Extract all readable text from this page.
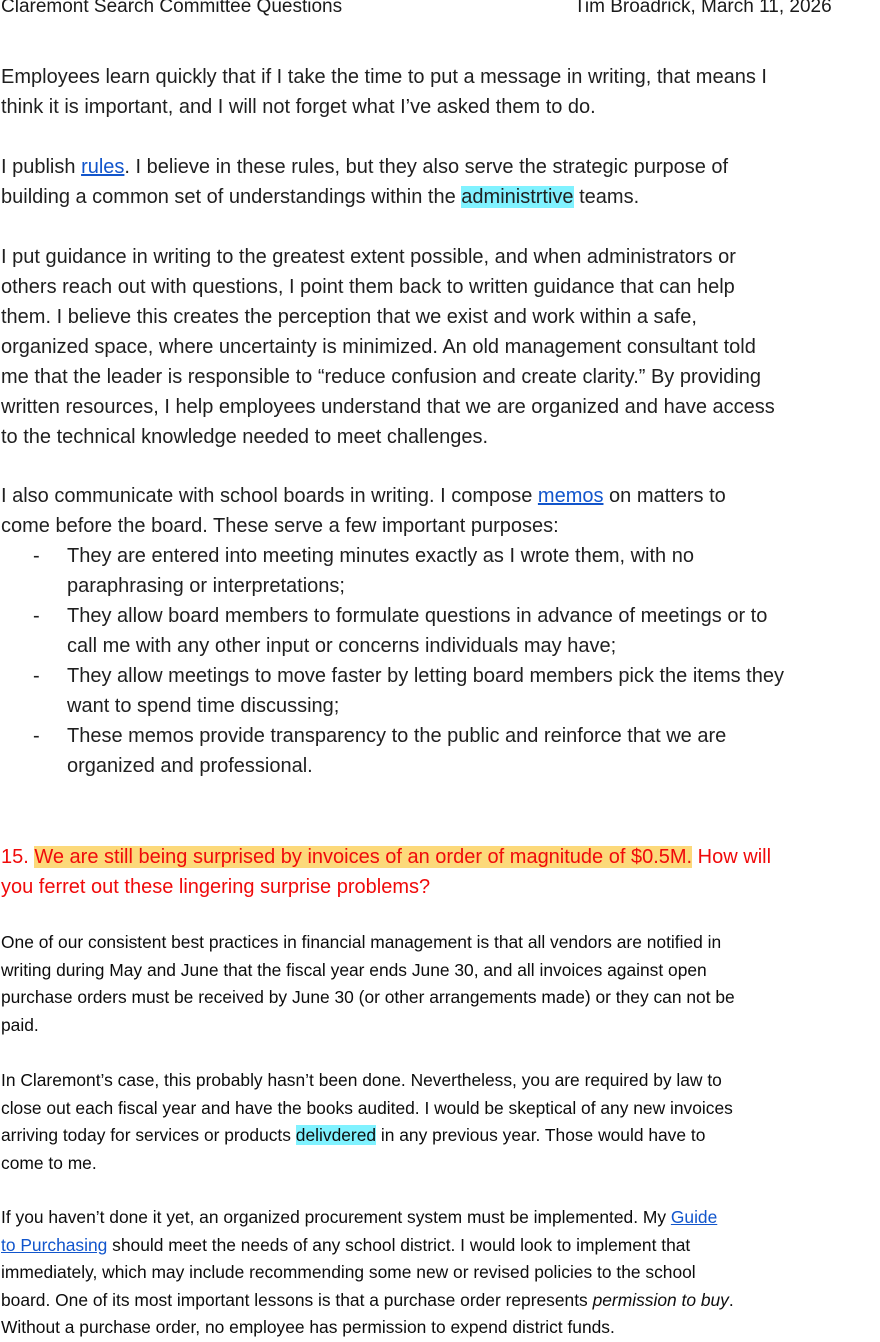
Claremont Search Committee Questions	Tim Broadrick, March 11, 2026
Employees learn quickly that if I take the time to put a message in writing, that means I
think it is important, and I will not forget what I’ve asked them to do.
I publish rules. I believe in these rules, but they also serve the strategic purpose of
building a common set of understandings within the administrtive teams.
I put guidance in writing to the greatest extent possible, and when administrators or
others reach out with questions, I point them back to written guidance that can help
them. I believe this creates the perception that we exist and work within a safe,
organized space, where uncertainty is minimized. An old management consultant told
me that the leader is responsible to “reduce confusion and create clarity.” By providing
written resources, I help employees understand that we are organized and have access
to the technical knowledge needed to meet challenges.
I also communicate with school boards in writing. I compose memos on matters to
come before the board. These serve a few important purposes:
- They are entered into meeting minutes exactly as I wrote them, with no
paraphrasing or interpretations;
- They allow board members to formulate questions in advance of meetings or to
call me with any other input or concerns individuals may have;
- They allow meetings to move faster by letting board members pick the items they
want to spend time discussing;
- These memos provide transparency to the public and reinforce that we are
organized and professional.
15. We are still being surprised by invoices of an order of magnitude of $0.5M. How will
you ferret out these lingering surprise problems?
One of our consistent best practices in financial management is that all vendors are notified in
writing during May and June that the fiscal year ends June 30, and all invoices against open
purchase orders must be received by June 30 (or other arrangements made) or they can not be
paid.
In Claremont’s case, this probably hasn’t been done. Nevertheless, you are required by law to
close out each fiscal year and have the books audited. I would be skeptical of any new invoices
arriving today for services or products delivdered in any previous year. Those would have to
come to me.
If you haven’t done it yet, an organized procurement system must be implemented. My Guide
to Purchasing should meet the needs of any school district. I would look to implement that
immediately, which may include recommending some new or revised policies to the school
board. One of its most important lessons is that a purchase order represents permission to buy.
Without a purchase order, no employee has permission to expend district funds.
